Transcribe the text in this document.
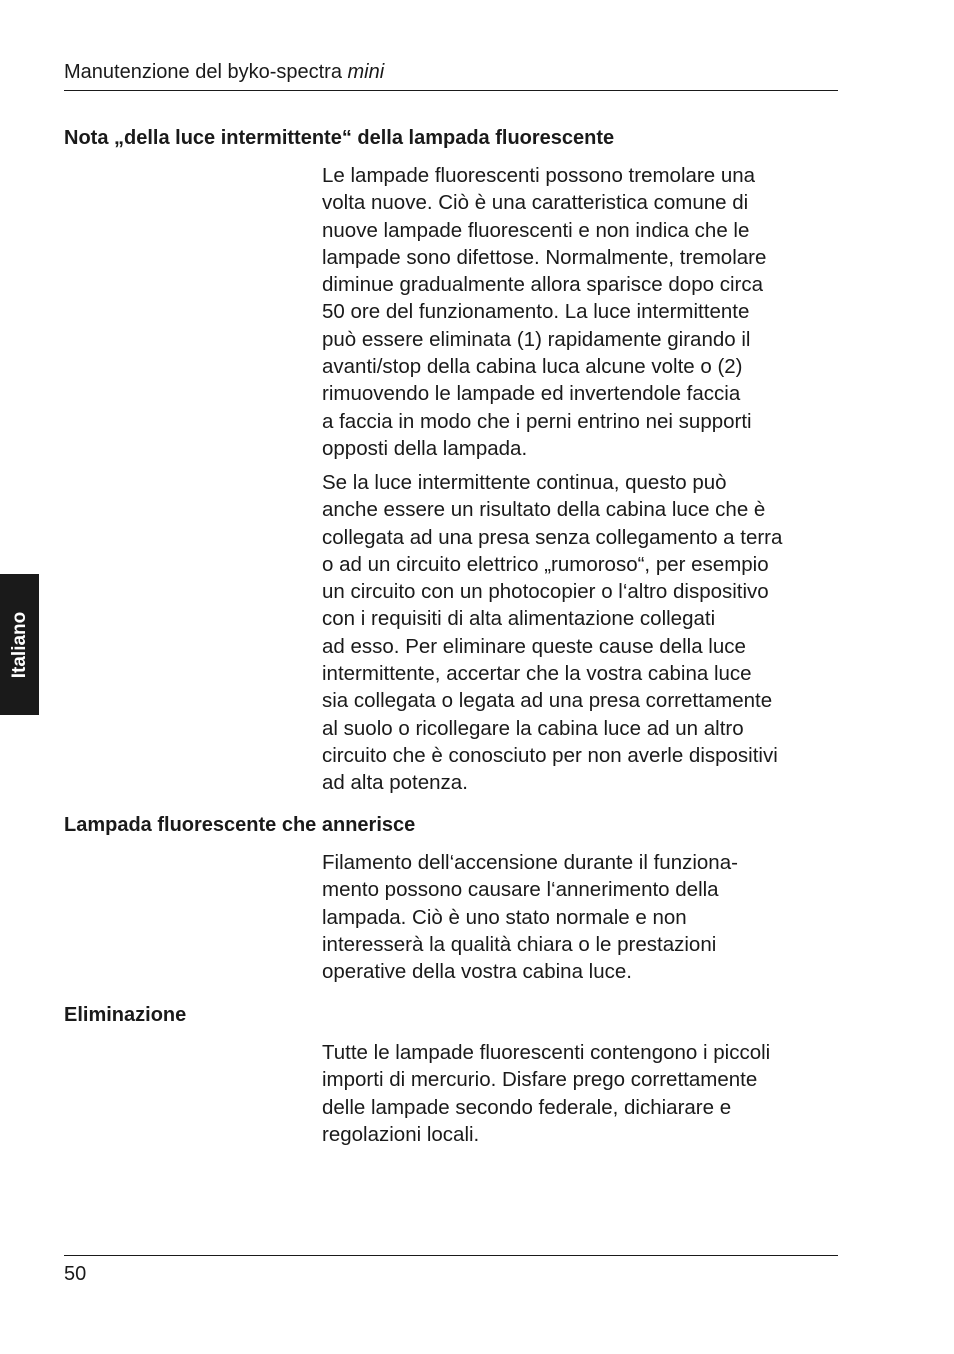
Manutenzione del byko-spectra mini
Italiano
Nota „della luce intermittente“ della lampada fluorescente

Le lampade fluorescenti possono tremolare una
volta nuove. Ciò è una caratteristica comune di
nuove lampade fluorescenti e non indica che le
lampade sono difettose. Normalmente, tremolare
diminue gradualmente allora sparisce dopo circa
50 ore del funzionamento. La luce intermittente
può essere eliminata (1) rapidamente girando il
avanti/stop della cabina luca alcune volte o (2)
rimuovendo le lampade ed invertendole faccia
a faccia in modo che i perni entrino nei supporti
opposti della lampada.

Se la luce intermittente continua, questo può
anche essere un risultato della cabina luce che è
collegata ad una presa senza collegamento a terra
o ad un circuito elettrico „rumoroso“, per esempio
un circuito con un photocopier o l‘altro dispositivo
con i requisiti di alta alimentazione collegati
ad esso. Per eliminare queste cause della luce
intermittente, accertar che la vostra cabina luce
sia collegata o legata ad una presa correttamente
al suolo o ricollegare la cabina luce ad un altro
circuito che è conosciuto per non averle dispositivi
ad alta potenza.

Lampada fluorescente che annerisce

Filamento dell‘accensione durante il funziona-
mento possono causare l‘annerimento della
lampada. Ciò è uno stato normale e non
interesserà la qualità chiara o le prestazioni
operative della vostra cabina luce.

Eliminazione

Tutte le lampade fluorescenti contengono i piccoli
importi di mercurio. Disfare prego correttamente
delle lampade secondo federale, dichiarare e
regolazioni locali.

50
